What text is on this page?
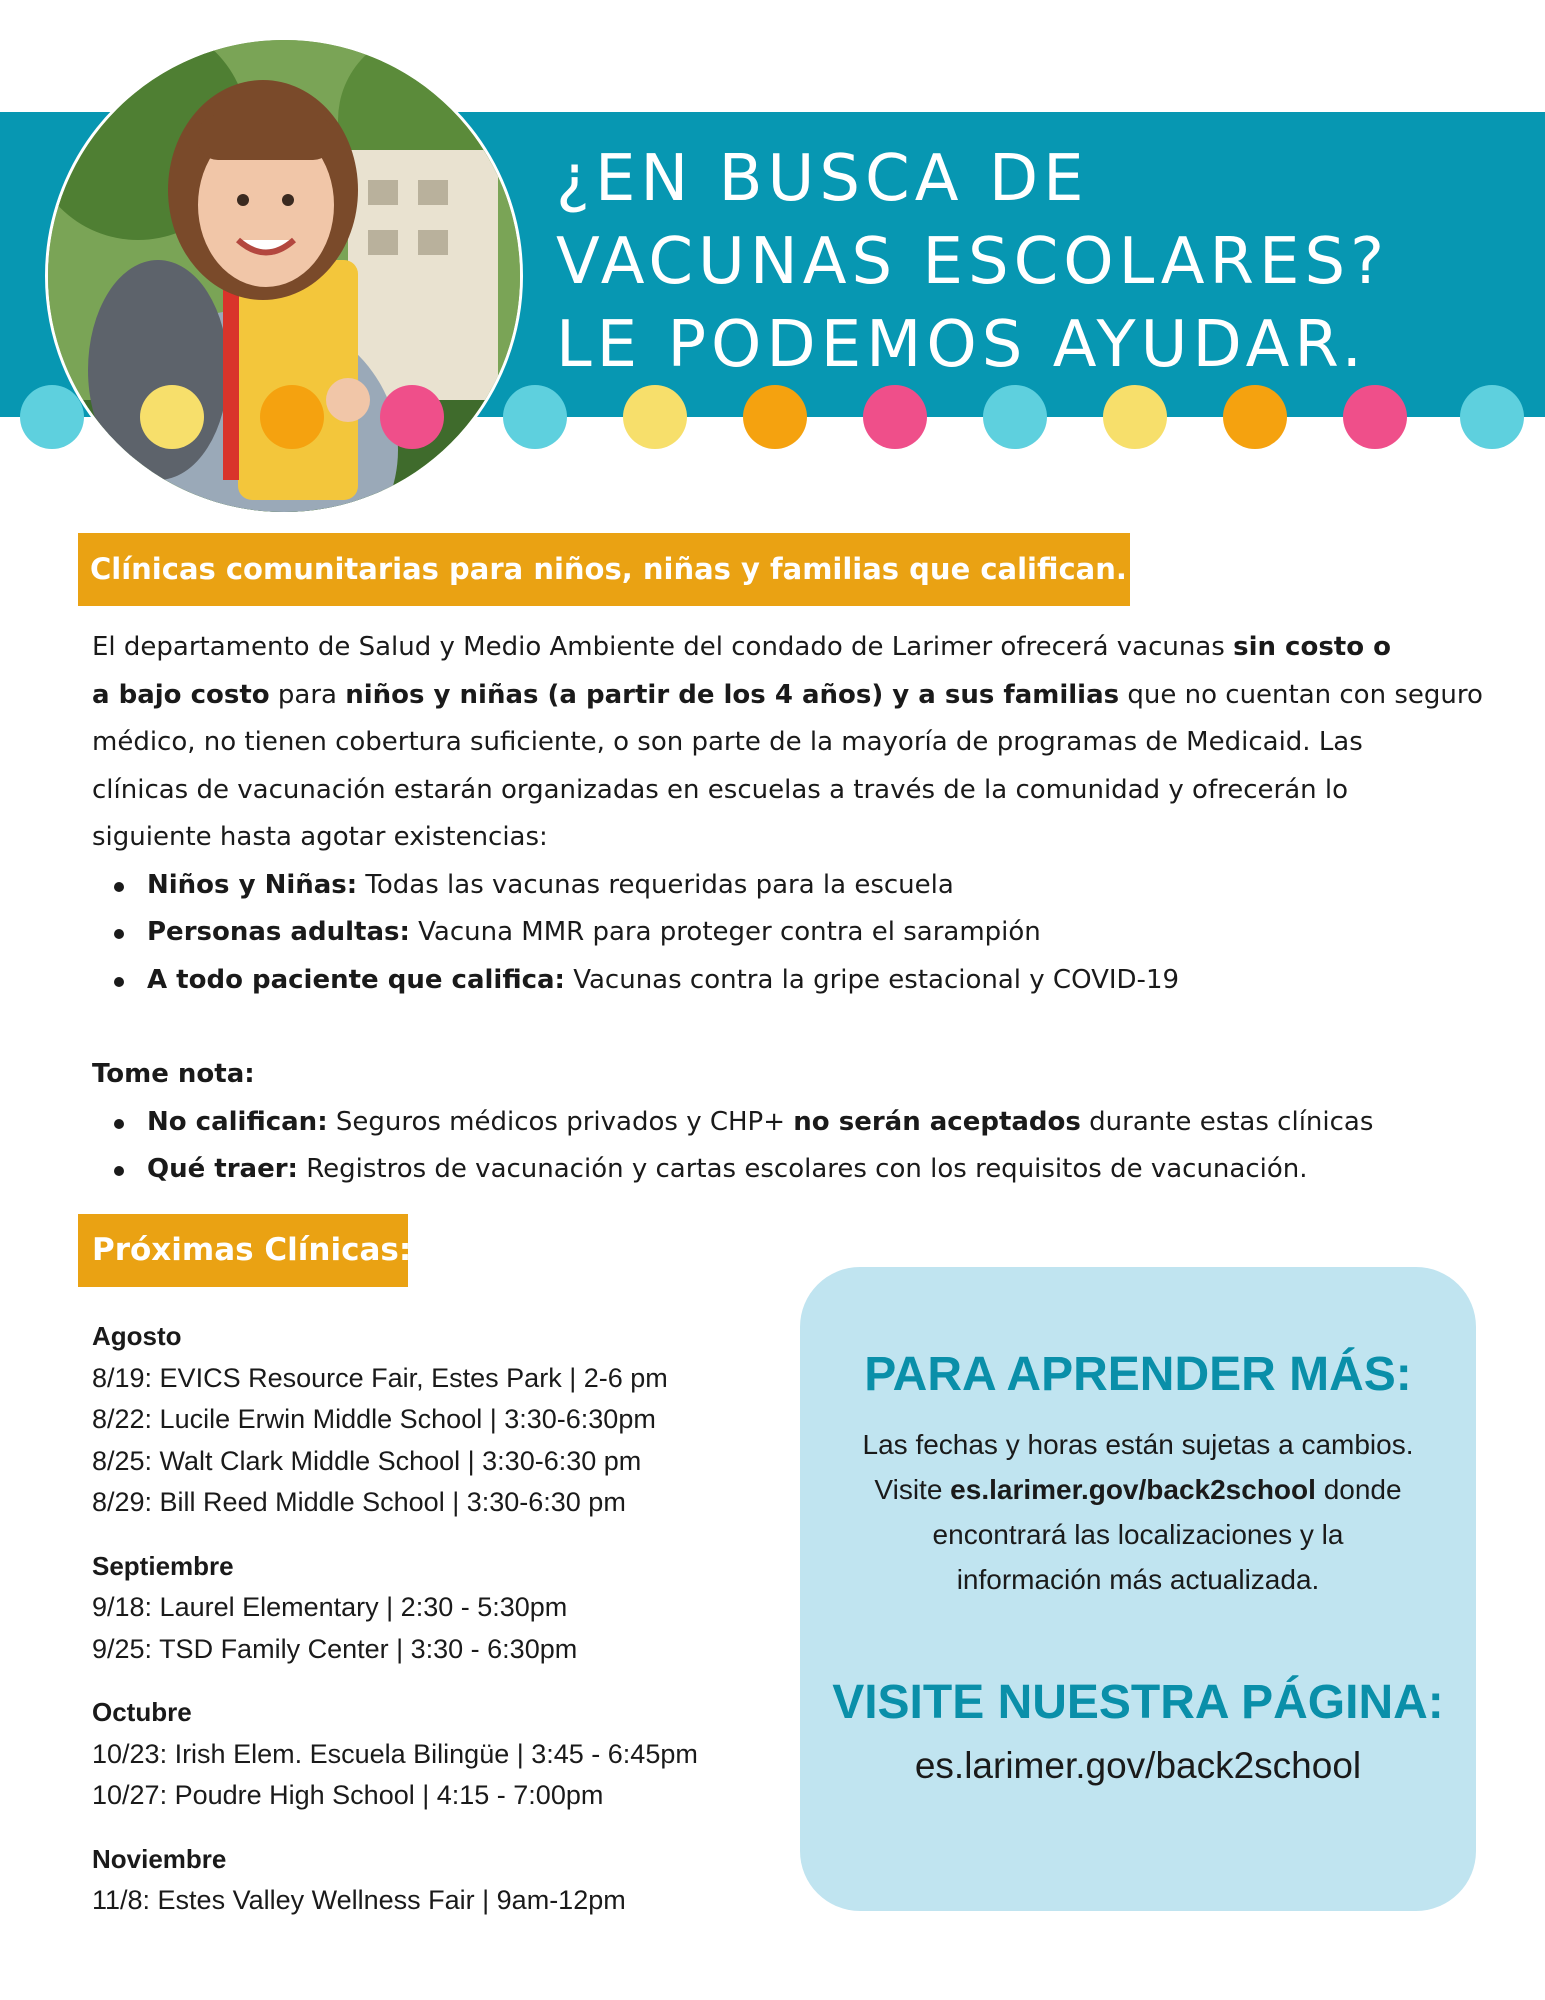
¿EN BUSCA DE
VACUNAS ESCOLARES?
LE PODEMOS AYUDAR.
Clínicas comunitarias para niños, niñas y familias que califican.
El departamento de Salud y Medio Ambiente del condado de Larimer ofrecerá vacunas sin costo o
a bajo costo para niños y niñas (a partir de los 4 años) y a sus familias que no cuentan con seguro
médico, no tienen cobertura suficiente, o son parte de la mayoría de programas de Medicaid. Las
clínicas de vacunación estarán organizadas en escuelas a través de la comunidad y ofrecerán lo
siguiente hasta agotar existencias:
Niños y Niñas: Todas las vacunas requeridas para la escuela
Personas adultas: Vacuna MMR para proteger contra el sarampión
A todo paciente que califica: Vacunas contra la gripe estacional y COVID-19
Tome nota:
No califican: Seguros médicos privados y CHP+ no serán aceptados durante estas clínicas
Qué traer: Registros de vacunación y cartas escolares con los requisitos de vacunación.
Próximas Clínicas:
Agosto
8/19: EVICS Resource Fair, Estes Park | 2-6 pm
8/22: Lucile Erwin Middle School | 3:30-6:30pm
8/25: Walt Clark Middle School | 3:30-6:30 pm
8/29: Bill Reed Middle School | 3:30-6:30 pm
Septiembre
9/18: Laurel Elementary | 2:30 - 5:30pm
9/25: TSD Family Center | 3:30 - 6:30pm
Octubre
10/23: Irish Elem. Escuela Bilingüe | 3:45 - 6:45pm
10/27: Poudre High School | 4:15 - 7:00pm
Noviembre
11/8: Estes Valley Wellness Fair | 9am-12pm
PARA APRENDER MÁS:
Las fechas y horas están sujetas a cambios.
Visite es.larimer.gov/back2school donde
encontrará las localizaciones y la
información más actualizada.
VISITE NUESTRA PÁGINA:
es.larimer.gov/back2school
